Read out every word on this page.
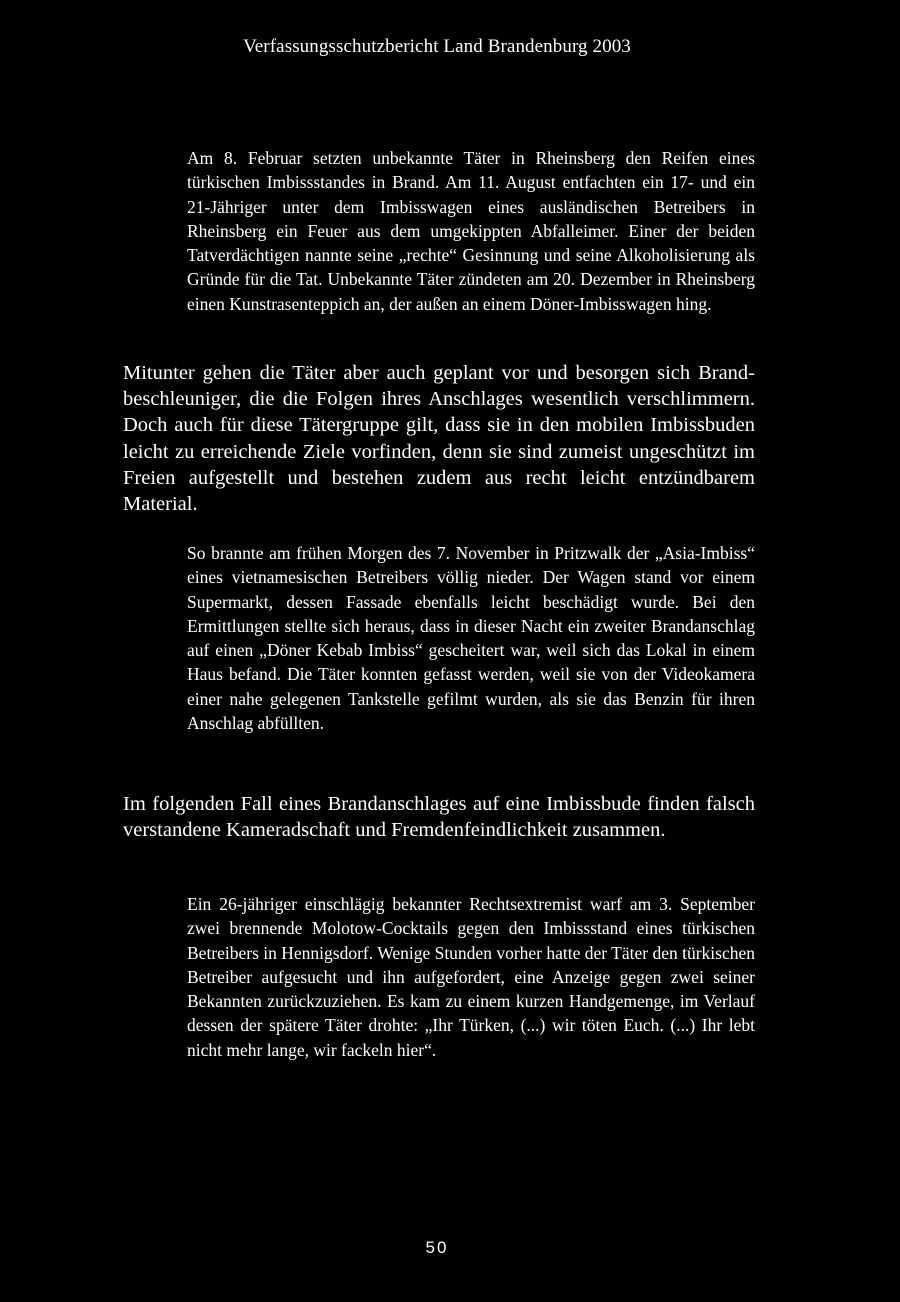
Verfassungsschutzbericht Land Brandenburg 2003

Am 8. Februar setzten unbekannte Täter in Rheinsberg den Reifen eines türkischen Imbissstandes in Brand. Am 11. August entfachten ein 17- und ein 21-Jähriger unter dem Imbisswagen eines ausländischen Betreibers in Rheinsberg ein Feuer aus dem umgekippten Abfalleimer. Einer der beiden Tatverdächtigen nannte seine „rechte“ Gesinnung und seine Alkoholisierung als Gründe für die Tat. Unbekannte Täter zündeten am 20. Dezember in Rheinsberg einen Kunstrasenteppich an, der außen an einem Döner-Imbisswagen hing.

Mitunter gehen die Täter aber auch geplant vor und besorgen sich Brandbeschleuniger, die die Folgen ihres Anschlages wesentlich verschlimmern. Doch auch für diese Tätergruppe gilt, dass sie in den mobilen Imbissbuden leicht zu erreichende Ziele vorfinden, denn sie sind zumeist ungeschützt im Freien aufgestellt und bestehen zudem aus recht leicht entzündbarem Material.

So brannte am frühen Morgen des 7. November in Pritzwalk der „Asia-Imbiss“ eines vietnamesischen Betreibers völlig nieder. Der Wagen stand vor einem Supermarkt, dessen Fassade ebenfalls leicht beschädigt wurde. Bei den Ermittlungen stellte sich heraus, dass in dieser Nacht ein zweiter Brandanschlag auf einen „Döner Kebab Imbiss“ gescheitert war, weil sich das Lokal in einem Haus befand. Die Täter konnten gefasst werden, weil sie von der Videokamera einer nahe gelegenen Tankstelle gefilmt wurden, als sie das Benzin für ihren Anschlag abfüllten.

Im folgenden Fall eines Brandanschlages auf eine Imbissbude finden falsch verstandene Kameradschaft und Fremdenfeindlichkeit zusammen.

Ein 26-jähriger einschlägig bekannter Rechtsextremist warf am 3. September zwei brennende Molotow-Cocktails gegen den Imbissstand eines türkischen Betreibers in Hennigsdorf. Wenige Stunden vorher hatte der Täter den türkischen Betreiber aufgesucht und ihn aufgefordert, eine Anzeige gegen zwei seiner Bekannten zurückzuziehen. Es kam zu einem kurzen Handgemenge, im Verlauf dessen der spätere Täter drohte: „Ihr Türken, (...) wir töten Euch. (...) Ihr lebt nicht mehr lange, wir fackeln hier“.

50
